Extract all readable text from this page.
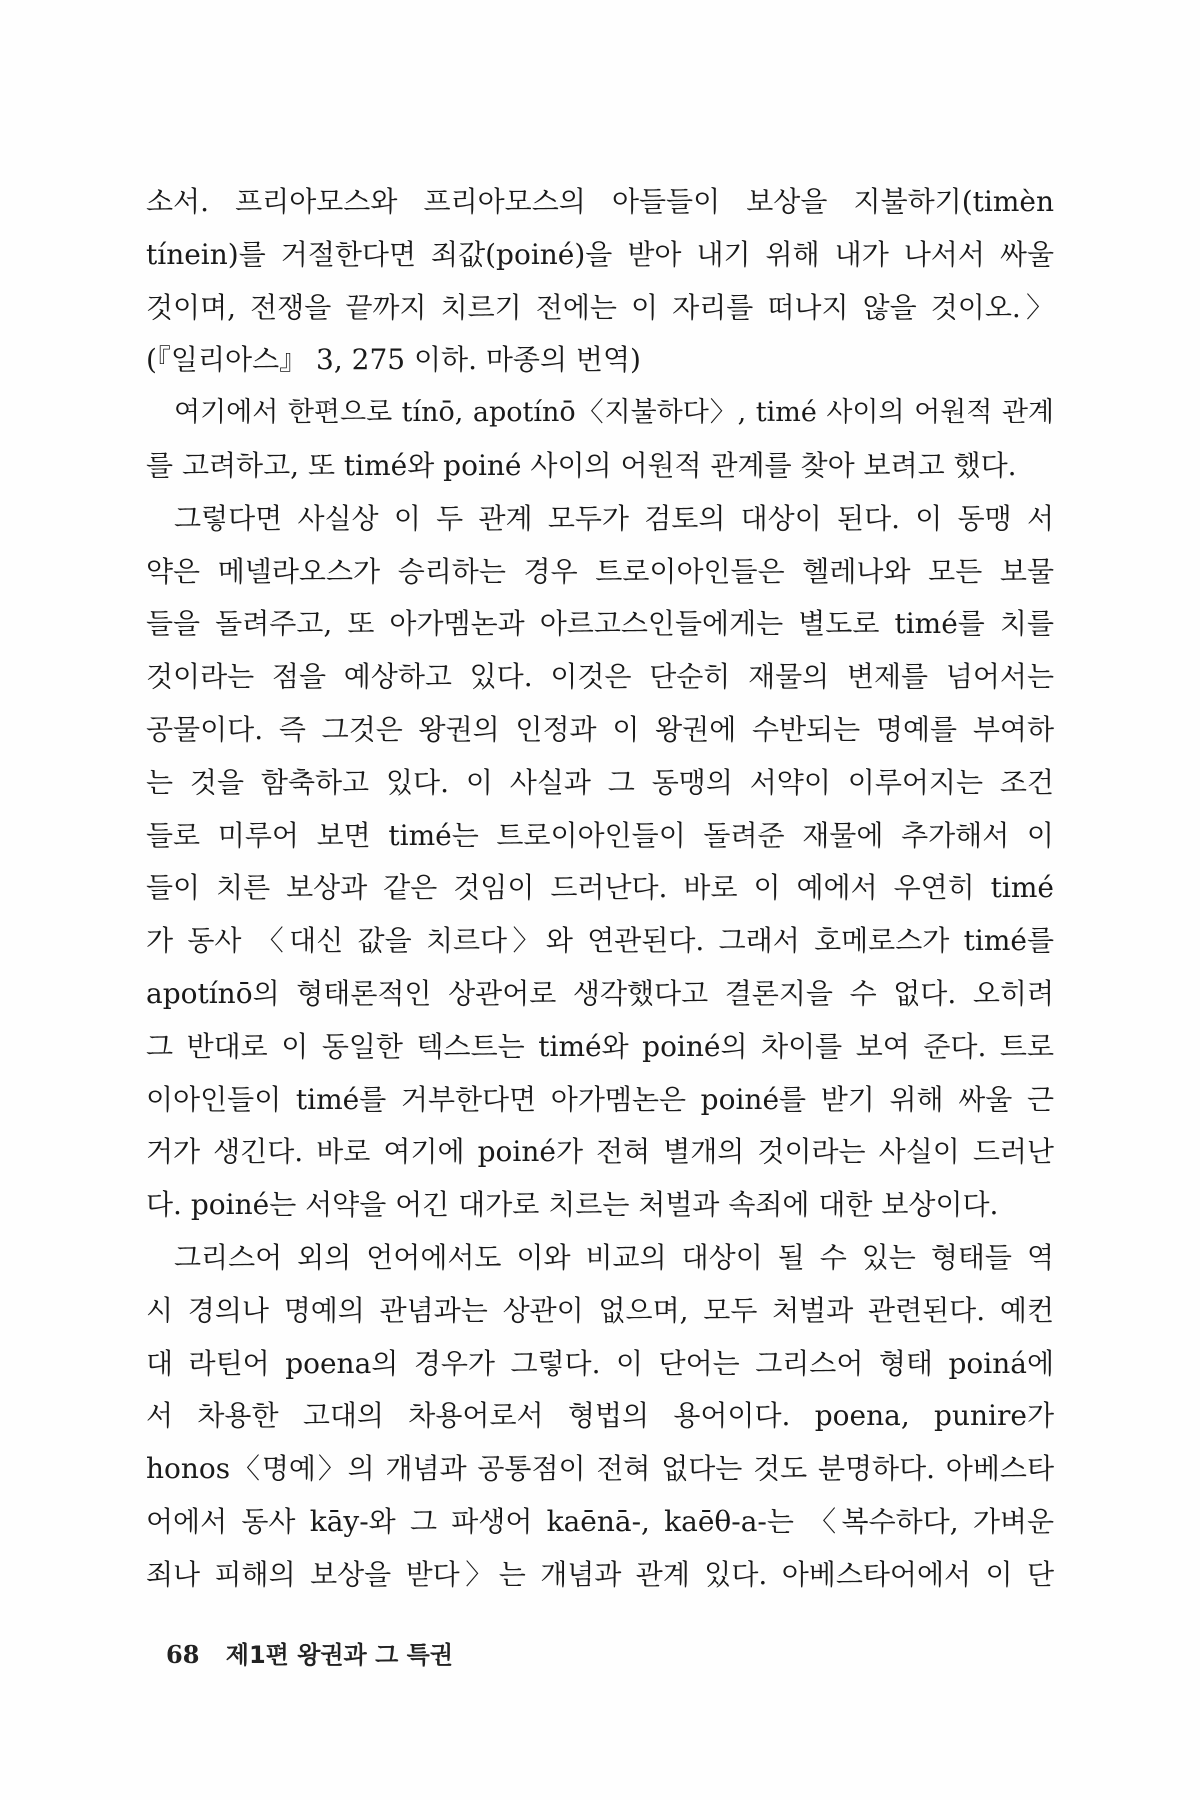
소서. 프리아모스와 프리아모스의 아들들이 보상을 지불하기(timèn
tínein)를 거절한다면 죄값(poiné)을 받아 내기 위해 내가 나서서 싸울
것이며, 전쟁을 끝까지 치르기 전에는 이 자리를 떠나지 않을 것이오.〉
(『일리아스』 3, 275 이하. 마종의 번역)
여기에서 한편으로 tínō, apotínō〈지불하다〉, timé 사이의 어원적 관계
를 고려하고, 또 timé와 poiné 사이의 어원적 관계를 찾아 보려고 했다.
그렇다면 사실상 이 두 관계 모두가 검토의 대상이 된다. 이 동맹 서
약은 메넬라오스가 승리하는 경우 트로이아인들은 헬레나와 모든 보물
들을 돌려주고, 또 아가멤논과 아르고스인들에게는 별도로 timé를 치를
것이라는 점을 예상하고 있다. 이것은 단순히 재물의 변제를 넘어서는
공물이다. 즉 그것은 왕권의 인정과 이 왕권에 수반되는 명예를 부여하
는 것을 함축하고 있다. 이 사실과 그 동맹의 서약이 이루어지는 조건
들로 미루어 보면 timé는 트로이아인들이 돌려준 재물에 추가해서 이
들이 치른 보상과 같은 것임이 드러난다. 바로 이 예에서 우연히 timé
가 동사 〈대신 값을 치르다〉와 연관된다. 그래서 호메로스가 timé를
apotínō의 형태론적인 상관어로 생각했다고 결론지을 수 없다. 오히려
그 반대로 이 동일한 텍스트는 timé와 poiné의 차이를 보여 준다. 트로
이아인들이 timé를 거부한다면 아가멤논은 poiné를 받기 위해 싸울 근
거가 생긴다. 바로 여기에 poiné가 전혀 별개의 것이라는 사실이 드러난
다. poiné는 서약을 어긴 대가로 치르는 처벌과 속죄에 대한 보상이다.
그리스어 외의 언어에서도 이와 비교의 대상이 될 수 있는 형태들 역
시 경의나 명예의 관념과는 상관이 없으며, 모두 처벌과 관련된다. 예컨
대 라틴어 poena의 경우가 그렇다. 이 단어는 그리스어 형태 poiná에
서 차용한 고대의 차용어로서 형법의 용어이다. poena, punire가
honos〈명예〉의 개념과 공통점이 전혀 없다는 것도 분명하다. 아베스타
어에서 동사 kāy-와 그 파생어 kaēnā-, kaēθ-a-는 〈복수하다, 가벼운
죄나 피해의 보상을 받다〉는 개념과 관계 있다. 아베스타어에서 이 단
68 제1편 왕권과 그 특권
